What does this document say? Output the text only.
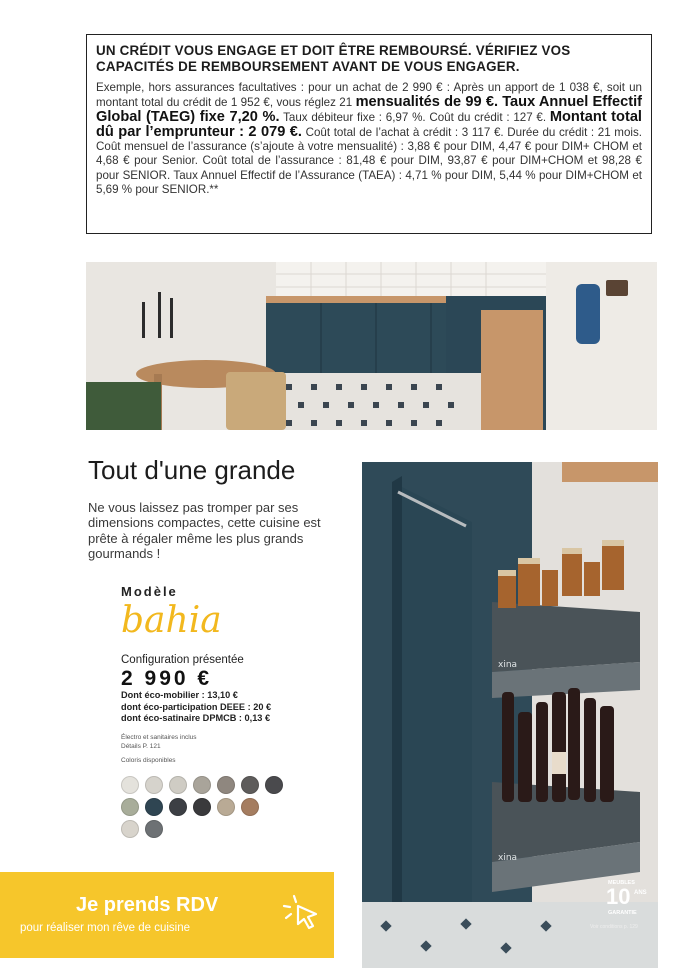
UN CRÉDIT VOUS ENGAGE ET DOIT ÊTRE REMBOURSÉ. VÉRIFIEZ VOS CAPACITÉS DE REMBOURSEMENT AVANT DE VOUS ENGAGER.
Exemple, hors assurances facultatives : pour un achat de 2 990 € : Après un apport de 1 038 €, soit un montant total du crédit de 1 952 €, vous réglez 21 mensualités de 99 €. Taux Annuel Effectif Global (TAEG) fixe 7,20 %. Taux débiteur fixe : 6,97 %. Coût du crédit : 127 €. Montant total dû par l’emprunteur : 2 079 €. Coût total de l’achat à crédit : 3 117 €. Durée du crédit : 21 mois. Coût mensuel de l’assurance (s’ajoute à votre mensualité) : 3,88 € pour DIM, 4,47 € pour DIM+ CHOM et 4,68 € pour Senior. Coût total de l’assurance : 81,48 € pour DIM, 93,87 € pour DIM+CHOM et 98,28 € pour SENIOR. Taux Annuel Effectif de l’Assurance (TAEA) : 4,71 % pour DIM, 5,44 % pour DIM+CHOM et 5,69 % pour SENIOR.**
Tout d'une grande
Ne vous laissez pas tromper par ses dimensions compactes, cette cuisine est prête à régaler même les plus grands gourmands !
Modèle
bahia
Configuration présentée
2 990 €
Dont éco-mobilier : 13,10 €
dont éco-participation DEEE : 20 €
dont éco-satinaire DPMCB : 0,13 €
Électro et sanitaires inclus
Détails P. 121
Coloris disponibles
Je prends RDV
pour réaliser mon rêve de cuisine
xina
xina
MEUBLES
10 ANS
GARANTIE
Voir conditions p. 129
